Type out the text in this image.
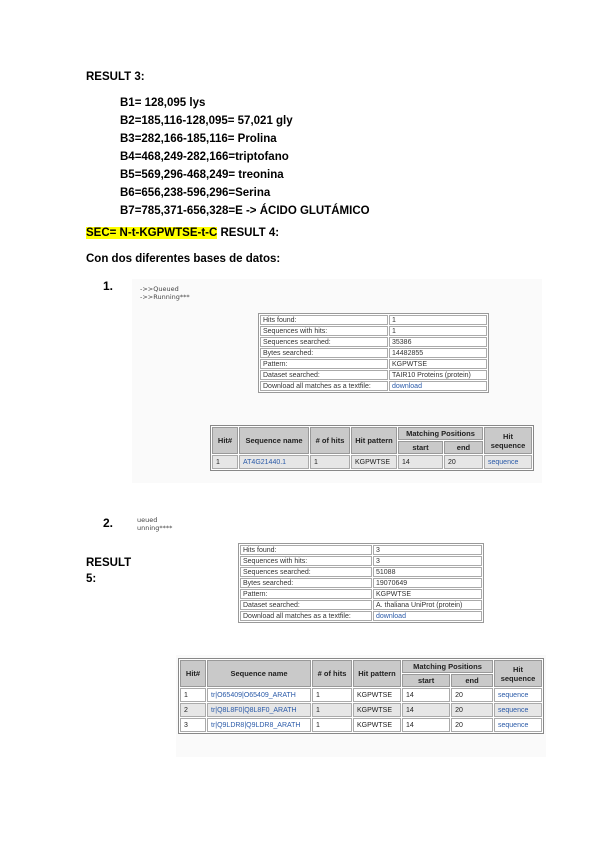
RESULT 3:
B1= 128,095 lys
B2=185,116-128,095= 57,021 gly
B3=282,166-185,116= Prolina
B4=468,249-282,166=triptofano
B5=569,296-468,249= treonina
B6=656,238-596,296=Serina
B7=785,371-656,328=E -> ÁCIDO GLUTÁMICO
SEC= N-t-KGPWTSE-t-C RESULT 4:
Con dos diferentes bases de datos:
1.	->>Queued
->>Running***
Hits found:	1
Sequences with hits:	1
Sequences searched:	35386
Bytes searched:	14482855
Pattern:	KGPWTSE
Dataset searched:	TAIR10 Proteins (protein)
Download all matches as a textfile:	download
Hit#	Sequence name	# of hits	Hit pattern	Matching Positions		Hit sequence
				start	end	
1	AT4G21440.1	1	KGPWTSE	14	20	sequence
2.	ueued
unning****
RESULT
5:
Hits found:	3
Sequences with hits:	3
Sequences searched:	51088
Bytes searched:	19070649
Pattern:	KGPWTSE
Dataset searched:	A. thaliana UniProt (protein)
Download all matches as a textfile:	download
Hit#	Sequence name	# of hits	Hit pattern	Matching Positions		Hit sequence
				start	end	
1	tr|O65409|O65409_ARATH	1	KGPWTSE	14	20	sequence
2	tr|Q8L8F0|Q8L8F0_ARATH	1	KGPWTSE	14	20	sequence
3	tr|Q9LDR8|Q9LDR8_ARATH	1	KGPWTSE	14	20	sequence
